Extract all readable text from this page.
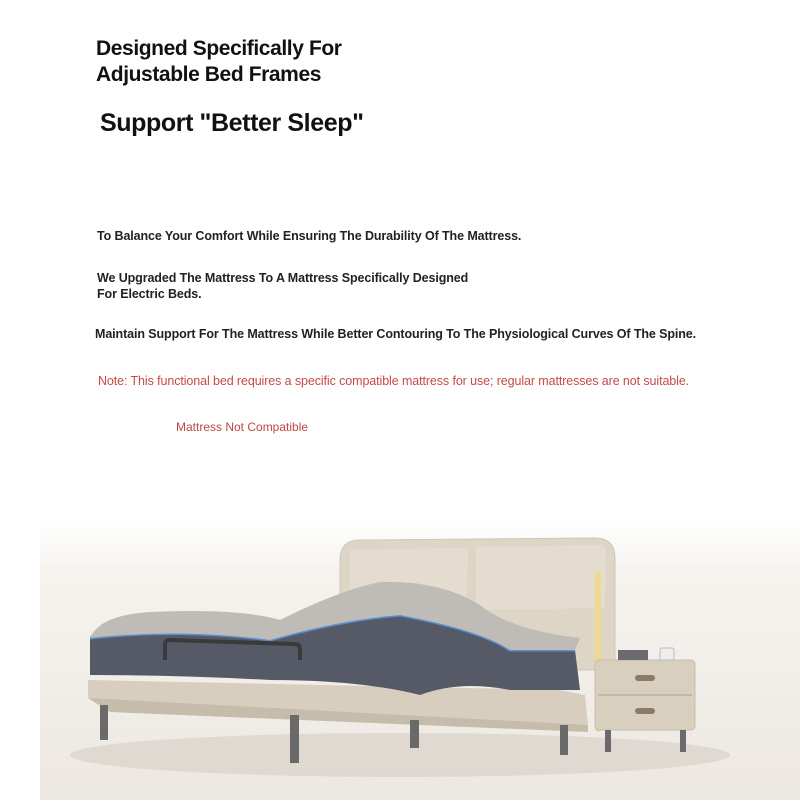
Designed Specifically For
Adjustable Bed Frames
Support "Better Sleep"
To Balance Your Comfort While Ensuring The Durability Of The Mattress.
We Upgraded The Mattress To A Mattress Specifically Designed
For Electric Beds.
Maintain Support For The Mattress While Better Contouring To The Physiological Curves Of The Spine.
Note: This functional bed requires a specific compatible mattress for use; regular mattresses are not suitable.
Mattress Not Compatible
